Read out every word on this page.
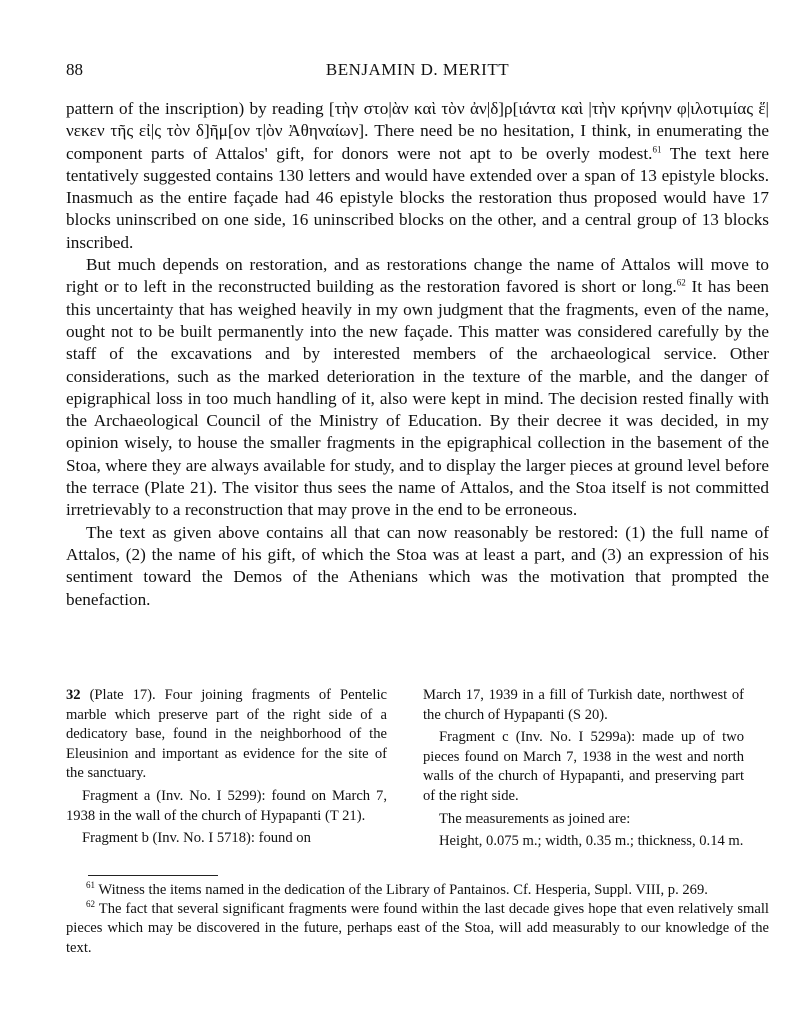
88	BENJAMIN D. MERITT

pattern of the inscription) by reading [τὴν στο|ὰν καὶ τὸν ἀν|δ]ρ[ιάντα καὶ |τὴν κρήνην φ|ιλοτιμίας ἕ|νεκεν τῆς εἰ|ς τὸν δ]ῆμ[ον τ|ὸν Ἀθηναίων]. There need be no hesitation, I think, in enumerating the component parts of Attalos' gift, for donors were not apt to be overly modest.$^{61}$ The text here tentatively suggested contains 130 letters and would have extended over a span of 13 epistyle blocks. Inasmuch as the entire façade had 46 epistyle blocks the restoration thus proposed would have 17 blocks uninscribed on one side, 16 uninscribed blocks on the other, and a central group of 13 blocks inscribed.

But much depends on restoration, and as restorations change the name of Attalos will move to right or to left in the reconstructed building as the restoration favored is short or long.$^{62}$ It has been this uncertainty that has weighed heavily in my own judgment that the fragments, even of the name, ought not to be built permanently into the new façade. This matter was considered carefully by the staff of the excavations and by interested members of the archaeological service. Other considerations, such as the marked deterioration in the texture of the marble, and the danger of epigraphical loss in too much handling of it, also were kept in mind. The decision rested finally with the Archaeological Council of the Ministry of Education. By their decree it was decided, in my opinion wisely, to house the smaller fragments in the epigraphical collection in the basement of the Stoa, where they are always available for study, and to display the larger pieces at ground level before the terrace (Plate 21). The visitor thus sees the name of Attalos, and the Stoa itself is not committed irretrievably to a reconstruction that may prove in the end to be erroneous.

The text as given above contains all that can now reasonably be restored: (1) the full name of Attalos, (2) the name of his gift, of which the Stoa was at least a part, and (3) an expression of his sentiment toward the Demos of the Athenians which was the motivation that prompted the benefaction.

32 (Plate 17). Four joining fragments of Pentelic marble which preserve part of the right side of a dedicatory base, found in the neighborhood of the Eleusinion and important as evidence for the site of the sanctuary.

Fragment a (Inv. No. I 5299): found on March 7, 1938 in the wall of the church of Hypapanti (T 21).

Fragment b (Inv. No. I 5718): found on

March 17, 1939 in a fill of Turkish date, northwest of the church of Hypapanti (S 20).

Fragment c (Inv. No. I 5299a): made up of two pieces found on March 7, 1938 in the west and north walls of the church of Hypapanti, and preserving part of the right side.

The measurements as joined are:

Height, 0.075 m.; width, 0.35 m.; thickness, 0.14 m.

$^{61}$ Witness the items named in the dedication of the Library of Pantainos. Cf. Hesperia, Suppl. VIII, p. 269.

$^{62}$ The fact that several significant fragments were found within the last decade gives hope that even relatively small pieces which may be discovered in the future, perhaps east of the Stoa, will add measurably to our knowledge of the text.
